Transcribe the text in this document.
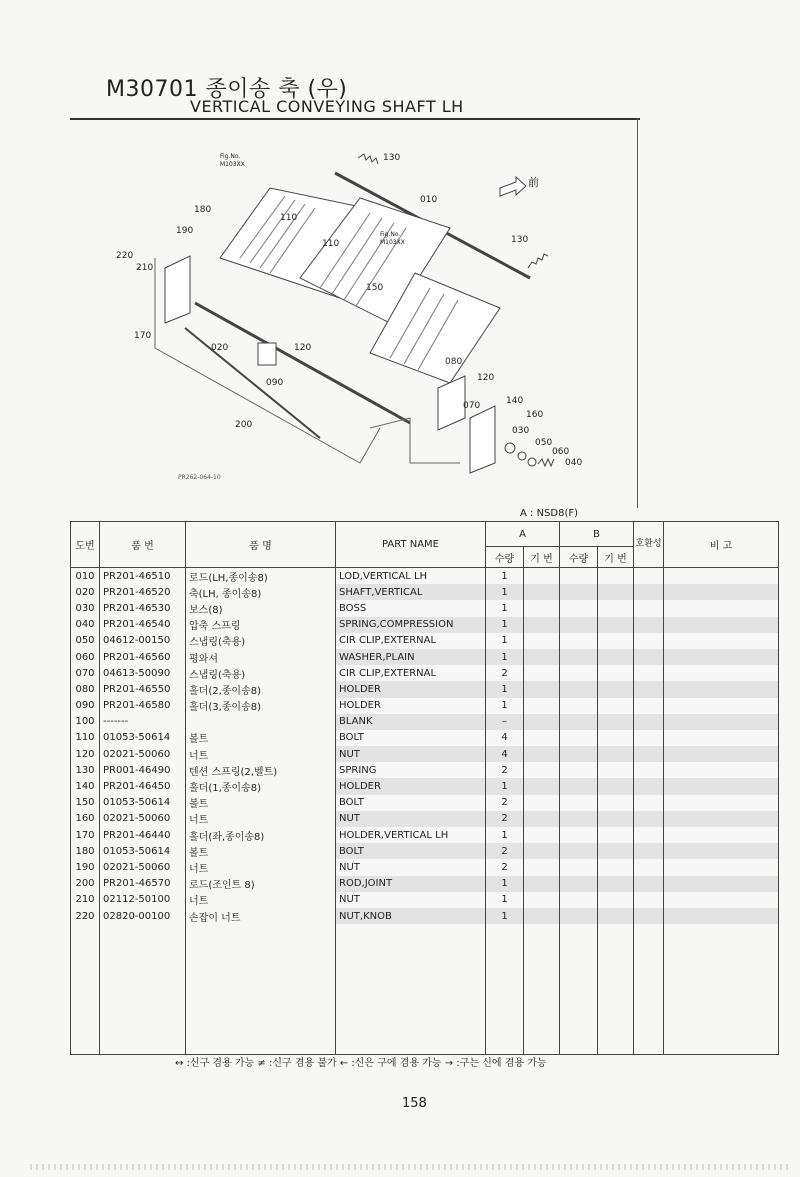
M30701 종이송 축 (우)
VERTICAL CONVEYING SHAFT LH
前
Fig.No.
M103XX
Fig.No.
M103XX
130
010
130
180
110
110
190
220
210
150
170
020	120
090
080
120
070	140
160
030
050
060
040
200
PR262-064-10
A : NSD8(F)
도번	품 번	품 명	PART NAME	A		B		호환성	비 고
				수량	기 번	수량	기 번		
010	PR201-46510	로드(LH,종이송8)	LOD,VERTICAL LH	1					
020	PR201-46520	축(LH, 종이송8)	SHAFT,VERTICAL	1					
030	PR201-46530	보스(8)	BOSS	1					
040	PR201-46540	압축 스프링	SPRING,COMPRESSION	1					
050	04612-00150	스냅링(축용)	CIR CLIP,EXTERNAL	1					
060	PR201-46560	평와셔	WASHER,PLAIN	1					
070	04613-50090	스냅링(축용)	CIR CLIP,EXTERNAL	2					
080	PR201-46550	홀더(2,종이송8)	HOLDER	1					
090	PR201-46580	홀더(3,종이송8)	HOLDER	1					
100	-------		BLANK	–					
110	01053-50614	볼트	BOLT	4					
120	02021-50060	너트	NUT	4					
130	PR001-46490	텐션 스프링(2,벨트)	SPRING	2					
140	PR201-46450	홀더(1,종이송8)	HOLDER	1					
150	01053-50614	볼트	BOLT	2					
160	02021-50060	너트	NUT	2					
170	PR201-46440	홀더(좌,종이송8)	HOLDER,VERTICAL LH	1					
180	01053-50614	볼트	BOLT	2					
190	02021-50060	너트	NUT	2					
200	PR201-46570	로드(조인트 8)	ROD,JOINT	1					
210	02112-50100	너트	NUT	1					
220	02820-00100	손잡이 너트	NUT,KNOB	1					

↔ :신구 겸용 가능 ≠ :신구 겸용 불가 ← :신은 구에 겸용 가능 → :구는 신에 겸용 가능
158
